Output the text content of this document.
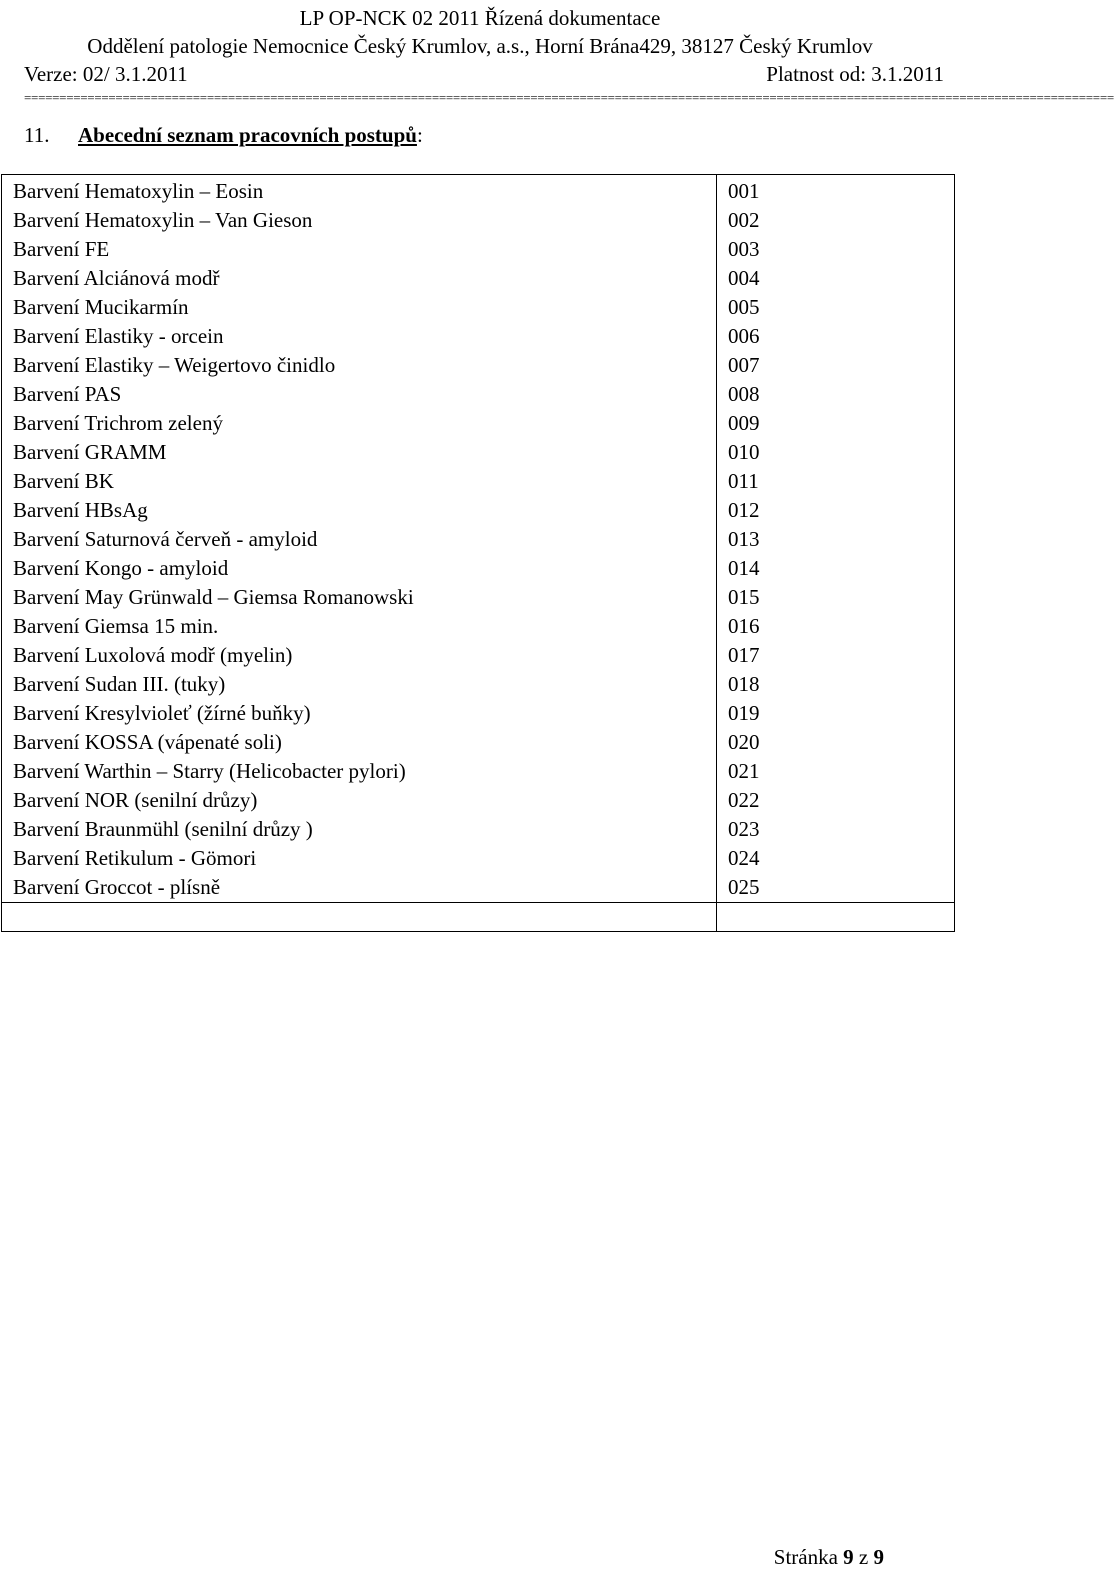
LP OP-NCK 02 2011 Řízená dokumentace
Oddělení patologie Nemocnice Český Krumlov, a.s., Horní Brána429, 38127 Český Krumlov
Verze: 02/ 3.1.2011	Platnost od: 3.1.2011
===========================================================================================================================================================
11. Abecední seznam pracovních postupů:
Barvení Hematoxylin – Eosin	001
Barvení Hematoxylin – Van Gieson	002
Barvení FE	003
Barvení Alciánová modř	004
Barvení Mucikarmín	005
Barvení Elastiky - orcein	006
Barvení Elastiky – Weigertovo činidlo	007
Barvení PAS	008
Barvení Trichrom zelený	009
Barvení GRAMM	010
Barvení BK	011
Barvení HBsAg	012
Barvení Saturnová červeň - amyloid	013
Barvení Kongo - amyloid	014
Barvení May Grünwald – Giemsa Romanowski	015
Barvení Giemsa 15 min.	016
Barvení Luxolová modř (myelin)	017
Barvení Sudan III. (tuky)	018
Barvení Kresylvioleť (žírné buňky)	019
Barvení KOSSA (vápenaté soli)	020
Barvení Warthin – Starry (Helicobacter pylori)	021
Barvení NOR (senilní drůzy)	022
Barvení Braunmühl (senilní drůzy )	023
Barvení Retikulum - Gömori	024
Barvení Groccot - plísně	025

Stránka 9 z 9
